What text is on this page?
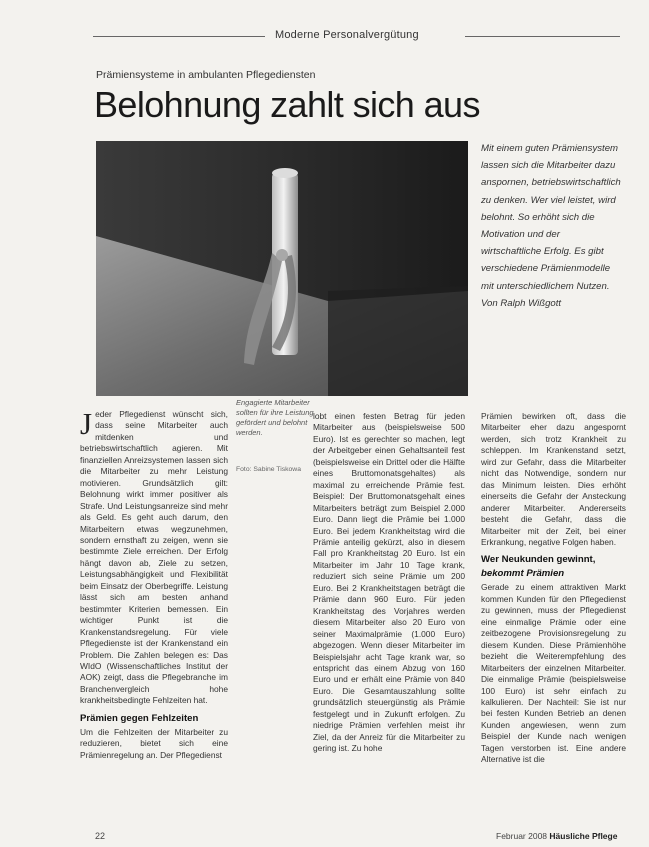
Moderne Personalvergütung
Prämiensysteme in ambulanten Pflegediensten
Belohnung zahlt sich aus

Mit einem guten Prämiensystem lassen sich die Mitarbeiter dazu anspornen, betriebswirtschaftlich zu denken. Wer viel leistet, wird belohnt. So erhöht sich die Motivation und der wirtschaftliche Erfolg. Es gibt verschiedene Prämienmodelle mit unterschiedlichem Nutzen. Von Ralph Wißgott

Engagierte Mitarbeiter sollten für ihre Leistung gefördert und belohnt werden.

Foto: Sabine Tiskowa
J eder Pflegedienst wünscht sich, dass seine Mitarbeiter auch mitdenken und betriebswirtschaftlich agieren. Mit finanziellen Anreizsystemen lassen sich die Mitarbeiter zu mehr Leistung motivieren. Grundsätzlich gilt: Belohnung wirkt immer positiver als Strafe. Und Leistungsanreize sind mehr als Geld. Es geht auch darum, den Mitarbeitern etwas wegzunehmen, sondern ernsthaft zu zeigen, wenn sie bestimmte Ziele erreichen. Der Erfolg hängt davon ab, Ziele zu setzen, Leistungsabhängigkeit und Flexibilität beim Einsatz der Oberbegriffe. Leistung lässt sich am besten anhand bestimmter Kriterien bemessen. Ein wichtiger Punkt ist die Krankenstandsregelung. Für viele Pflegedienste ist der Krankenstand ein Problem. Die Zahlen belegen es: Das WIdO (Wissenschaftliches Institut der AOK) zeigt, dass die Pflegebranche im Branchenvergleich hohe krankheitsbedingte Fehlzeiten hat.

Prämien gegen Fehlzeiten

Um die Fehlzeiten der Mitarbeiter zu reduzieren, bietet sich eine Prämienregelung an. Der Pflegedienst

lobt einen festen Betrag für jeden Mitarbeiter aus (beispielsweise 500 Euro). Ist es gerechter so machen, legt der Arbeitgeber einen Gehaltsanteil fest (beispielsweise ein Drittel oder die Hälfte eines Bruttomonatsgehaltes) als maximal zu erreichende Prämie fest. Beispiel: Der Bruttomonatsgehalt eines Mitarbeiters beträgt zum Beispiel 2.000 Euro. Dann liegt die Prämie bei 1.000 Euro. Bei jedem Krankheitstag wird die Prämie anteilig gekürzt, also in diesem Fall pro Krankheitstag 20 Euro. Ist ein Mitarbeiter im Jahr 10 Tage krank, reduziert sich seine Prämie um 200 Euro. Bei 2 Krankheitstagen beträgt die Prämie dann 960 Euro. Für jeden Krankheitstag des Vorjahres werden diesem Mitarbeiter also 20 Euro von seiner Maximalprämie (1.000 Euro) abgezogen. Wenn dieser Mitarbeiter im Beispielsjahr acht Tage krank war, so entspricht das einem Abzug von 160 Euro und er erhält eine Prämie von 840 Euro. Die Gesamtauszahlung sollte grundsätzlich steuergünstig als Prämie festgelegt und in Zukunft erfolgen. Zu niedrige Prämien verfehlen meist ihr Ziel, da der Anreiz für die Mitarbeiter zu gering ist. Zu hohe

Prämien bewirken oft, dass die Mitarbeiter eher dazu angespornt werden, sich trotz Krankheit zu schleppen. Im Krankenstand setzt, wird zur Gefahr, dass die Mitarbeiter nicht das Notwendige, sondern nur das Minimum leisten. Dies erhöht einerseits die Gefahr der Ansteckung anderer Mitarbeiter. Andererseits besteht die Gefahr, dass die Mitarbeiter mit der Zeit, bei einer Erkrankung, negative Folgen haben.

Wer Neukunden gewinnt,
bekommt Prämien

Gerade zu einem attraktiven Markt kommen Kunden für den Pflegedienst zu gewinnen, muss der Pflegedienst eine einmalige Prämie oder eine zeitbezogene Provisionsregelung zu diesem Kunden. Diese Prämienhöhe bezieht die Weiterempfehlung des Mitarbeiters der einzelnen Mitarbeiter. Die einmalige Prämie (beispielsweise 100 Euro) ist sehr einfach zu kalkulieren. Der Nachteil: Sie ist nur bei festen Kunden Betrieb an denen Kunden angewiesen, wenn zum Beispiel der Kunde nach wenigen Tagen verstorben ist. Eine andere Alternative ist die

22	Februar 2008 Häusliche Pflege
